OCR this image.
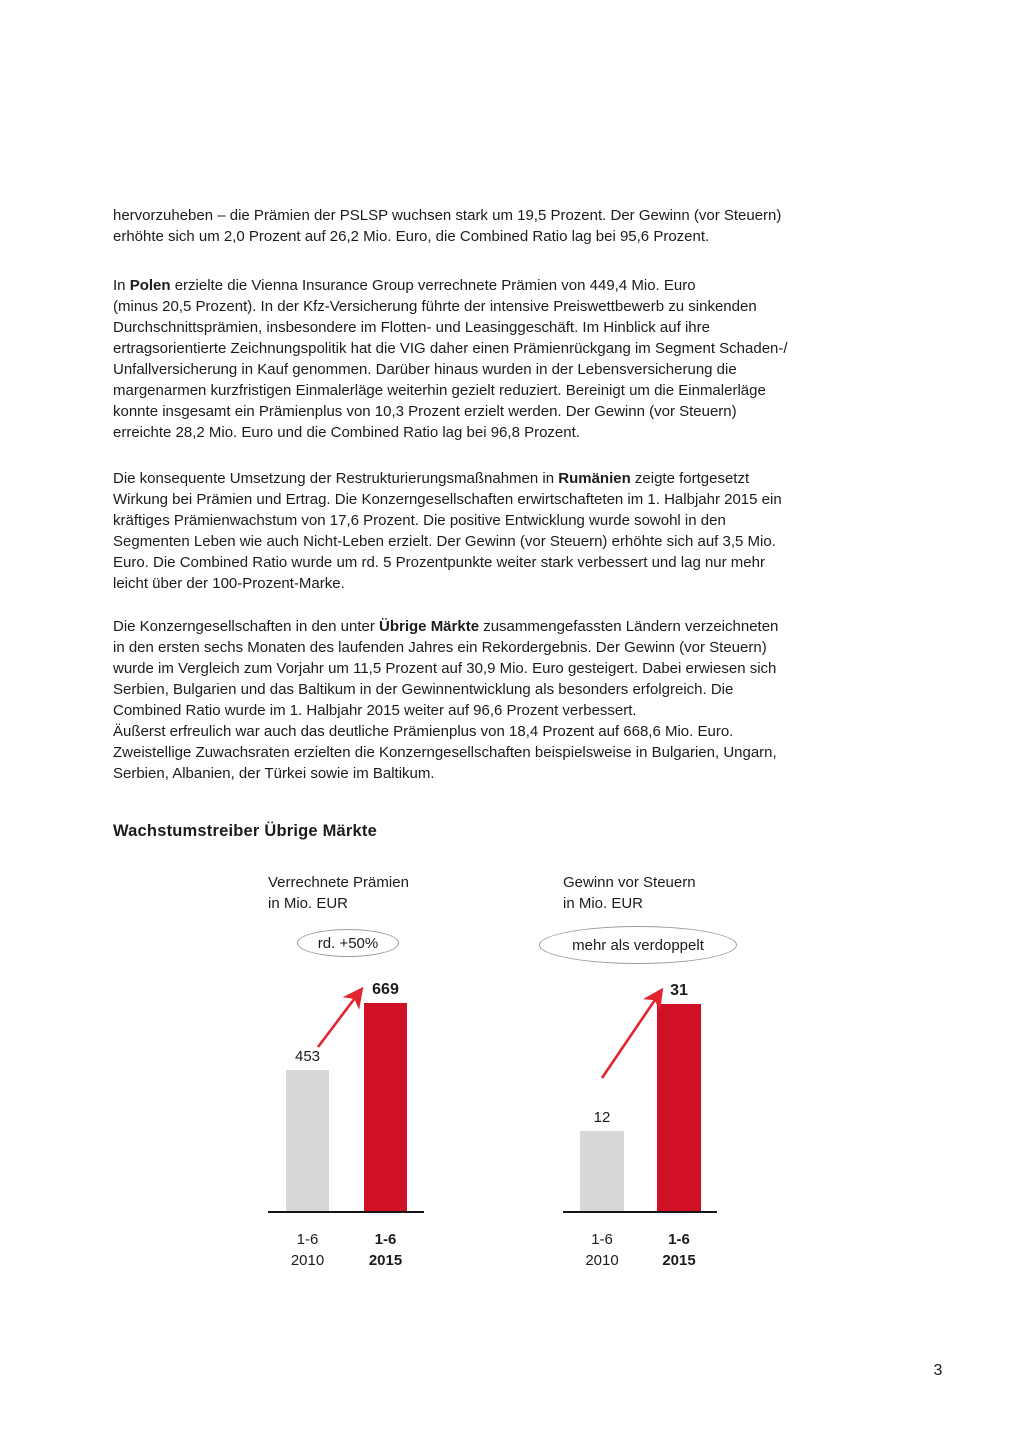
hervorzuheben – die Prämien der PSLSP wuchsen stark um 19,5 Prozent. Der Gewinn (vor Steuern)
erhöhte sich um 2,0 Prozent auf 26,2 Mio. Euro, die Combined Ratio lag bei 95,6 Prozent.
In Polen erzielte die Vienna Insurance Group verrechnete Prämien von 449,4 Mio. Euro
(minus 20,5 Prozent). In der Kfz-Versicherung führte der intensive Preiswettbewerb zu sinkenden
Durchschnittsprämien, insbesondere im Flotten- und Leasinggeschäft. Im Hinblick auf ihre
ertragsorientierte Zeichnungspolitik hat die VIG daher einen Prämienrückgang im Segment Schaden-/
Unfallversicherung in Kauf genommen. Darüber hinaus wurden in der Lebensversicherung die
margenarmen kurzfristigen Einmalerläge weiterhin gezielt reduziert. Bereinigt um die Einmalerläge
konnte insgesamt ein Prämienplus von 10,3 Prozent erzielt werden. Der Gewinn (vor Steuern)
erreichte 28,2 Mio. Euro und die Combined Ratio lag bei 96,8 Prozent.
Die konsequente Umsetzung der Restrukturierungsmaßnahmen in Rumänien zeigte fortgesetzt
Wirkung bei Prämien und Ertrag. Die Konzerngesellschaften erwirtschafteten im 1. Halbjahr 2015 ein
kräftiges Prämienwachstum von 17,6 Prozent. Die positive Entwicklung wurde sowohl in den
Segmenten Leben wie auch Nicht-Leben erzielt. Der Gewinn (vor Steuern) erhöhte sich auf 3,5 Mio.
Euro. Die Combined Ratio wurde um rd. 5 Prozentpunkte weiter stark verbessert und lag nur mehr
leicht über der 100-Prozent-Marke.
Die Konzerngesellschaften in den unter Übrige Märkte zusammengefassten Ländern verzeichneten
in den ersten sechs Monaten des laufenden Jahres ein Rekordergebnis. Der Gewinn (vor Steuern)
wurde im Vergleich zum Vorjahr um 11,5 Prozent auf 30,9 Mio. Euro gesteigert. Dabei erwiesen sich
Serbien, Bulgarien und das Baltikum in der Gewinnentwicklung als besonders erfolgreich. Die
Combined Ratio wurde im 1. Halbjahr 2015 weiter auf 96,6 Prozent verbessert.
Äußerst erfreulich war auch das deutliche Prämienplus von 18,4 Prozent auf 668,6 Mio. Euro.
Zweistellige Zuwachsraten erzielten die Konzerngesellschaften beispielsweise in Bulgarien, Ungarn,
Serbien, Albanien, der Türkei sowie im Baltikum.
Wachstumstreiber Übrige Märkte
Verrechnete Prämien
in Mio. EUR
rd. +50%
453
1-6
2010
669
1-6
2015
Gewinn vor Steuern
in Mio. EUR
mehr als verdoppelt
12
1-6
2010
31
1-6
2015
3
